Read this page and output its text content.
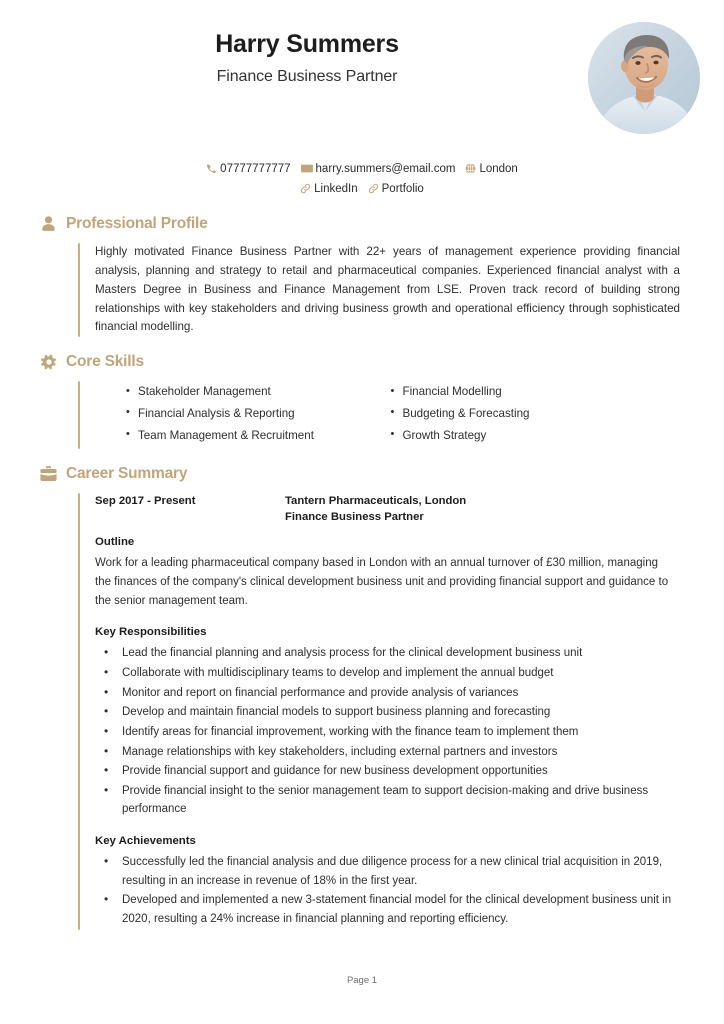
Harry Summers
Finance Business Partner
07777777777 harry.summers@email.com London
LinkedIn Portfolio
Professional Profile
Highly motivated Finance Business Partner with 22+ years of management experience providing financial analysis, planning and strategy to retail and pharmaceutical companies. Experienced financial analyst with a Masters Degree in Business and Finance Management from LSE. Proven track record of building strong relationships with key stakeholders and driving business growth and operational efficiency through sophisticated financial modelling.
Core Skills
• Stakeholder Management
• Financial Analysis & Reporting
• Team Management & Recruitment
• Financial Modelling
• Budgeting & Forecasting
• Growth Strategy
Career Summary
Sep 2017 - Present	Tantern Pharmaceuticals, London
Finance Business Partner
Outline

Work for a leading pharmaceutical company based in London with an annual turnover of £30 million, managing the finances of the company's clinical development business unit and providing financial support and guidance to the senior management team.

Key Responsibilities
• Lead the financial planning and analysis process for the clinical development business unit
• Collaborate with multidisciplinary teams to develop and implement the annual budget
• Monitor and report on financial performance and provide analysis of variances
• Develop and maintain financial models to support business planning and forecasting
• Identify areas for financial improvement, working with the finance team to implement them
• Manage relationships with key stakeholders, including external partners and investors
• Provide financial support and guidance for new business development opportunities
• Provide financial insight to the senior management team to support decision-making and drive business performance
Key Achievements
• Successfully led the financial analysis and due diligence process for a new clinical trial acquisition in 2019, resulting in an increase in revenue of 18% in the first year.
• Developed and implemented a new 3-statement financial model for the clinical development business unit in 2020, resulting a 24% increase in financial planning and reporting efficiency.
Page 1
